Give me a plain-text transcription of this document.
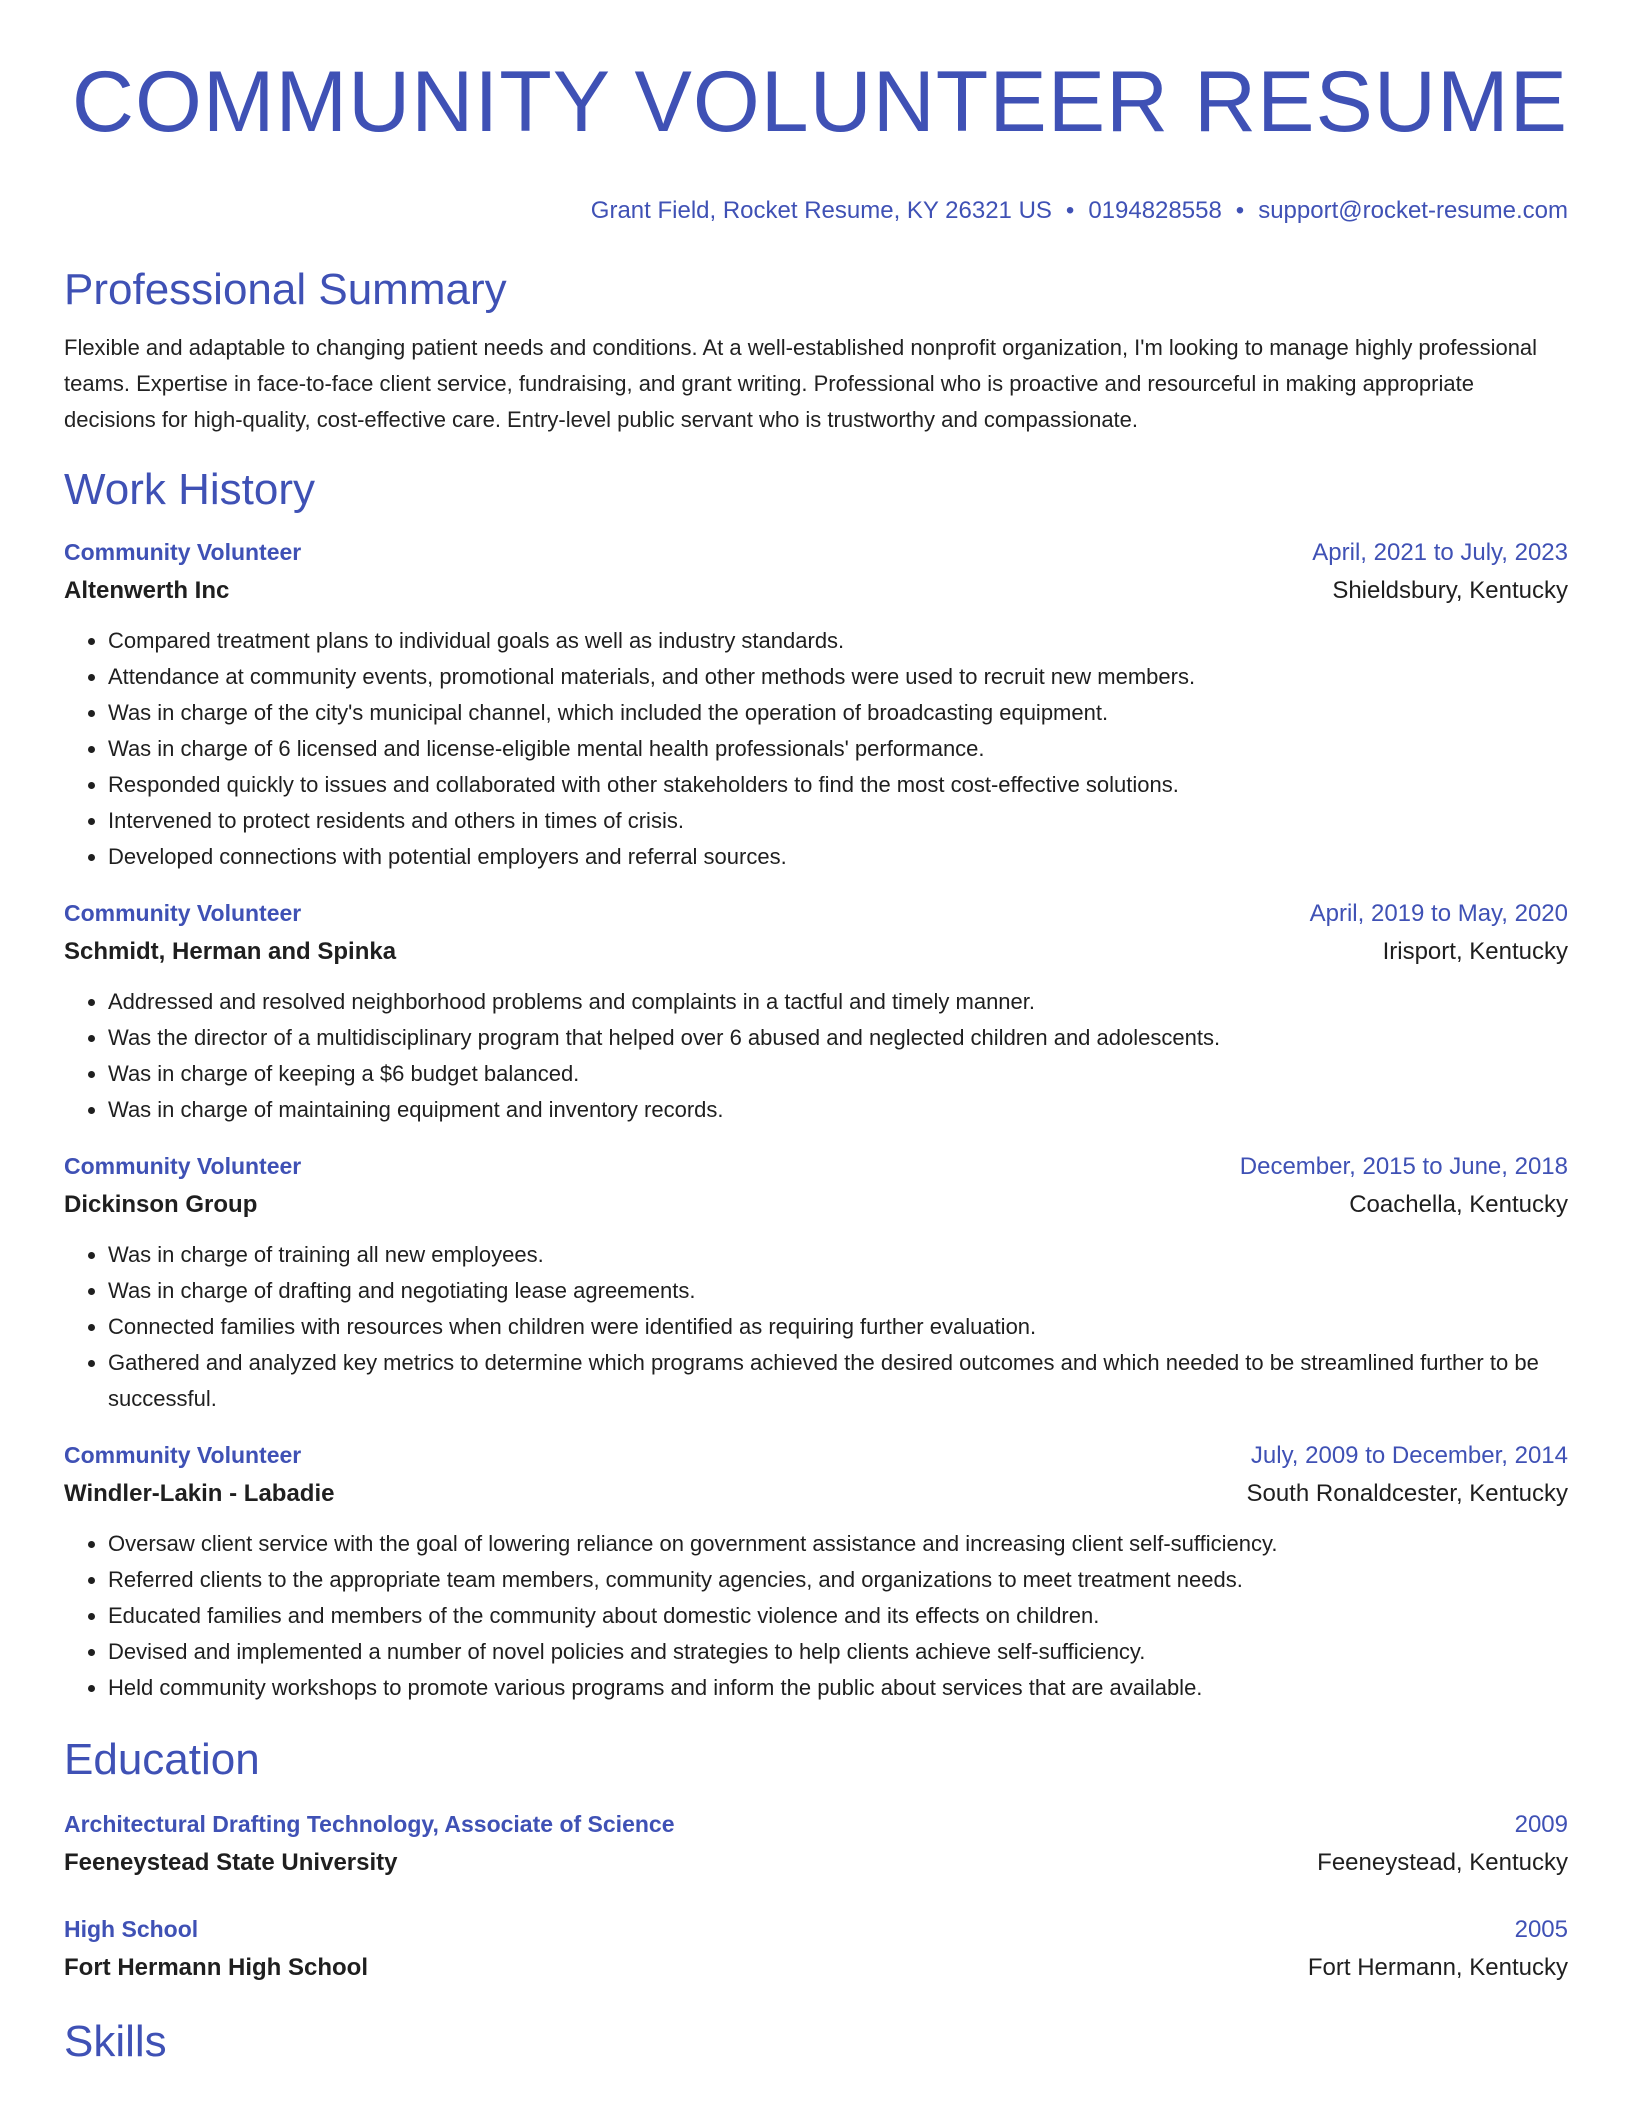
COMMUNITY VOLUNTEER RESUME
Grant Field, Rocket Resume, KY 26321 US • 0194828558 • support@rocket-resume.com
Professional Summary
Flexible and adaptable to changing patient needs and conditions. At a well-established nonprofit organization, I'm looking to manage highly professional teams. Expertise in face-to-face client service, fundraising, and grant writing. Professional who is proactive and resourceful in making appropriate decisions for high-quality, cost-effective care. Entry-level public servant who is trustworthy and compassionate.
Work History
Community Volunteer	April, 2021 to July, 2023
Altenwerth Inc	Shieldsbury, Kentucky
• Compared treatment plans to individual goals as well as industry standards.
• Attendance at community events, promotional materials, and other methods were used to recruit new members.
• Was in charge of the city's municipal channel, which included the operation of broadcasting equipment.
• Was in charge of 6 licensed and license-eligible mental health professionals' performance.
• Responded quickly to issues and collaborated with other stakeholders to find the most cost-effective solutions.
• Intervened to protect residents and others in times of crisis.
• Developed connections with potential employers and referral sources.
Community Volunteer	April, 2019 to May, 2020
Schmidt, Herman and Spinka	Irisport, Kentucky
• Addressed and resolved neighborhood problems and complaints in a tactful and timely manner.
• Was the director of a multidisciplinary program that helped over 6 abused and neglected children and adolescents.
• Was in charge of keeping a $6 budget balanced.
• Was in charge of maintaining equipment and inventory records.
Community Volunteer	December, 2015 to June, 2018
Dickinson Group	Coachella, Kentucky
• Was in charge of training all new employees.
• Was in charge of drafting and negotiating lease agreements.
• Connected families with resources when children were identified as requiring further evaluation.
• Gathered and analyzed key metrics to determine which programs achieved the desired outcomes and which needed to be streamlined further to be successful.
Community Volunteer	July, 2009 to December, 2014
Windler-Lakin - Labadie	South Ronaldcester, Kentucky
• Oversaw client service with the goal of lowering reliance on government assistance and increasing client self-sufficiency.
• Referred clients to the appropriate team members, community agencies, and organizations to meet treatment needs.
• Educated families and members of the community about domestic violence and its effects on children.
• Devised and implemented a number of novel policies and strategies to help clients achieve self-sufficiency.
• Held community workshops to promote various programs and inform the public about services that are available.
Education
Architectural Drafting Technology, Associate of Science	2009
Feeneystead State University	Feeneystead, Kentucky
High School	2005
Fort Hermann High School	Fort Hermann, Kentucky
Skills
